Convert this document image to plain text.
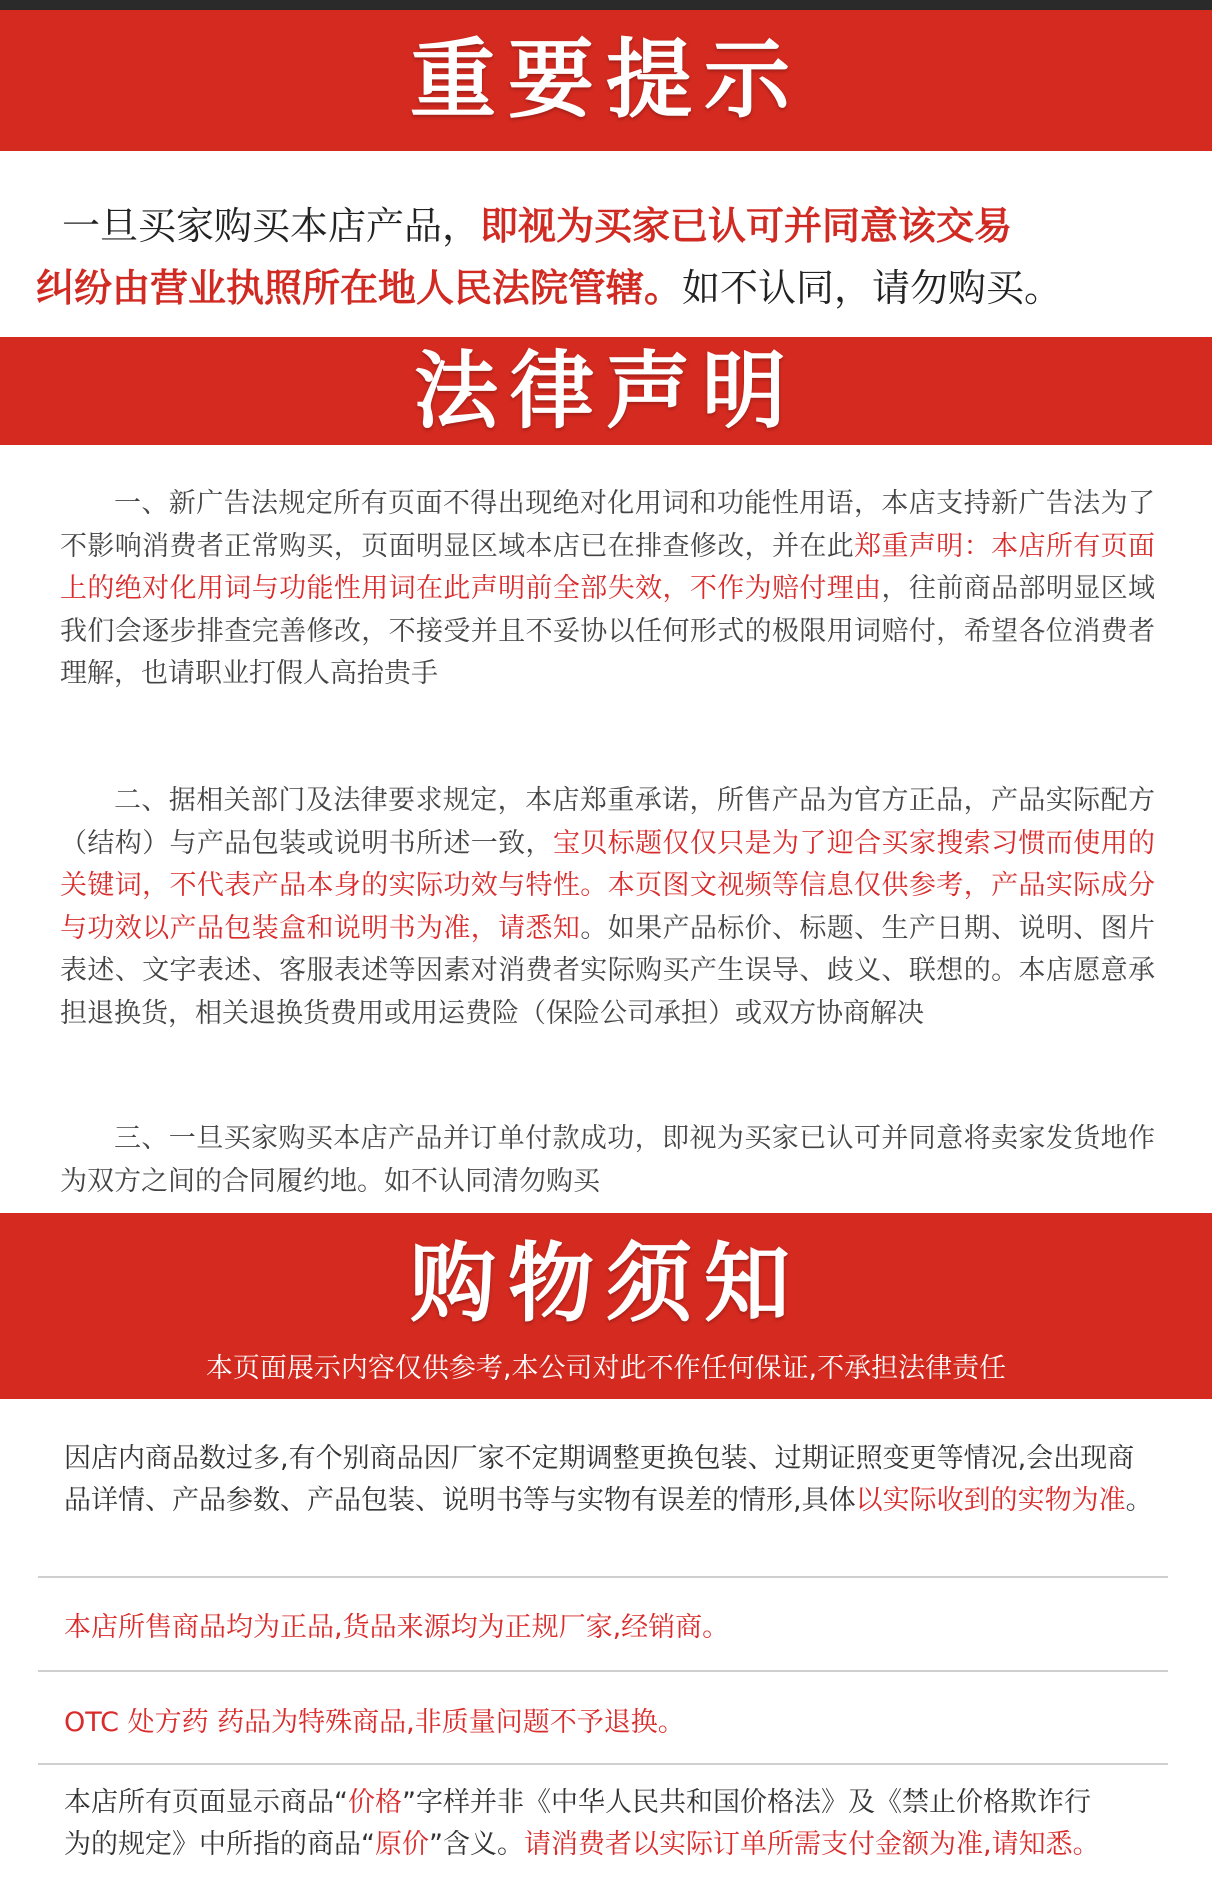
重要提示
一旦买家购买本店产品，即视为买家已认可并同意该交易
纠纷由营业执照所在地人民法院管辖。如不认同，请勿购买。
法律声明

一、新广告法规定所有页面不得出现绝对化用词和功能性用语，本店支持新广告法为了不影响消费者正常购买，页面明显区域本店已在排查修改，并在此郑重声明：本店所有页面上的绝对化用词与功能性用词在此声明前全部失效，不作为赔付理由，往前商品部明显区域我们会逐步排查完善修改，不接受并且不妥协以任何形式的极限用词赔付，希望各位消费者理解，也请职业打假人高抬贵手

二、据相关部门及法律要求规定，本店郑重承诺，所售产品为官方正品，产品实际配方（结构）与产品包装或说明书所述一致，宝贝标题仅仅只是为了迎合买家搜索习惯而使用的关键词，不代表产品本身的实际功效与特性。本页图文视频等信息仅供参考，产品实际成分与功效以产品包装盒和说明书为准，请悉知。如果产品标价、标题、生产日期、说明、图片表述、文字表述、客服表述等因素对消费者实际购买产生误导、歧义、联想的。本店愿意承担退换货，相关退换货费用或用运费险（保险公司承担）或双方协商解决

三、一旦买家购买本店产品并订单付款成功，即视为买家已认可并同意将卖家发货地作为双方之间的合同履约地。如不认同清勿购买

购物须知
本页面展示内容仅供参考,本公司对此不作任何保证,不承担法律责任

因店内商品数过多,有个别商品因厂家不定期调整更换包装、过期证照变更等情况,会出现商品详情、产品参数、产品包装、说明书等与实物有误差的情形,具体以实际收到的实物为准。

本店所售商品均为正品,货品来源均为正规厂家,经销商。
OTC 处方药 药品为特殊商品,非质量问题不予退换。

本店所有页面显示商品“价格”字样并非《中华人民共和国价格法》及《禁止价格欺诈行为的规定》中所指的商品“原价”含义。请消费者以实际订单所需支付金额为准,请知悉。
